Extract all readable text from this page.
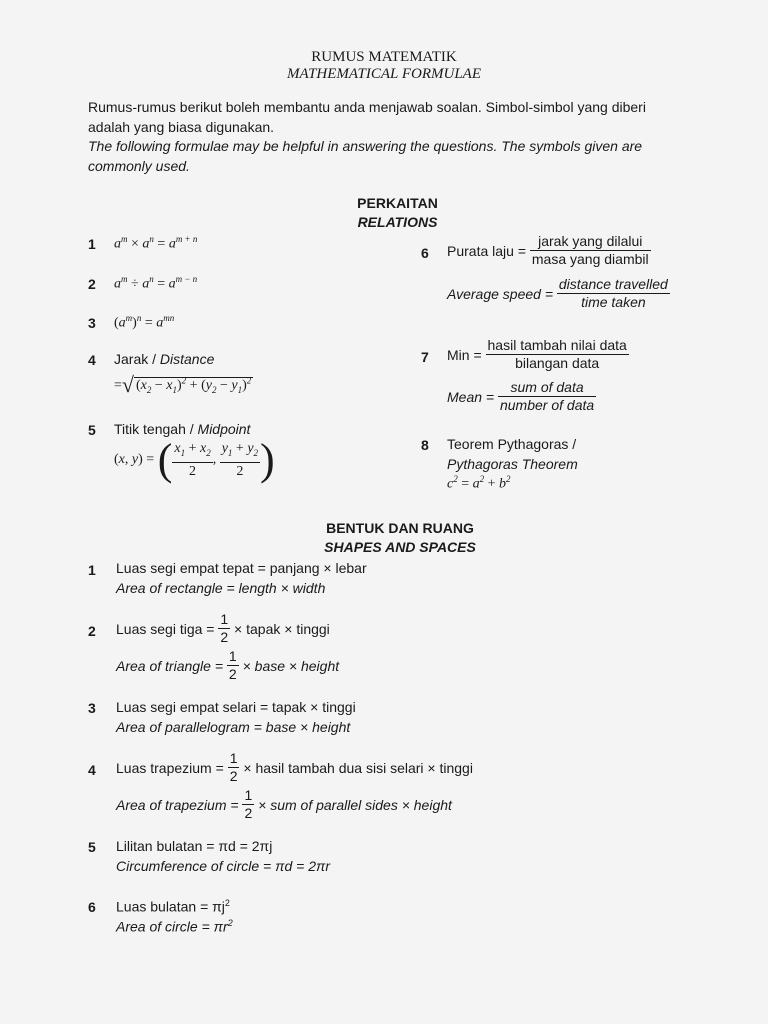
RUMUS MATEMATIK
MATHEMATICAL FORMULAE
Rumus-rumus berikut boleh membantu anda menjawab soalan. Simbol-simbol yang diberi
adalah yang biasa digunakan.
The following formulae may be helpful in answering the questions. The symbols given are
commonly used.
PERKAITAN
RELATIONS
1 $a^m \times a^n = a^{m + n}$
2 $a^m \div a^n = a^{m - n}$
3 $(a^m)^n = a^{mn}$
4 Jarak / Distance
=√ $(x_2 - x_1)^2 + (y_2 - y_1)^2$
5 Titik tengah / Midpoint
( x , y ) = ( $\frac{x_1 + x_2}{2}$ , $\frac{y_1 + y_2}{2}$ )
6 Purata laju =
$\frac{\text{jarak yang dilalui}}{\text{masa yang diambil}}$
Average speed =
$\frac{\text{distance travelled}}{\text{time taken}}$
7 Min =
$\frac{\text{hasil tambah nilai data}}{\text{bilangan data}}$
Mean =
$\frac{\text{sum of data}}{\text{number of data}}$
8 Teorem Pythagoras /
Pythagoras Theorem
$c^2 = a^2 + b^2$
BENTUK DAN RUANG
SHAPES AND SPACES
1 Luas segi empat tepat = panjang × lebar
Area of rectangle = length × width
2 Luas segi tiga =
$\frac{1}{2}$
× tapak × tinggi
Area of triangle =
$\frac{1}{2}$
× base × height
3 Luas segi empat selari = tapak × tinggi
Area of parallelogram = base × height
4 Luas trapezium =
$\frac{1}{2}$
× hasil tambah dua sisi selari × tinggi
Area of trapezium =
$\frac{1}{2}$
× sum of parallel sides × height
5 Lilitan bulatan = πd = 2πj
Circumference of circle = πd = 2πr
6 Luas bulatan = $\pi j^2$
Area of circle = $\pi r^2$
